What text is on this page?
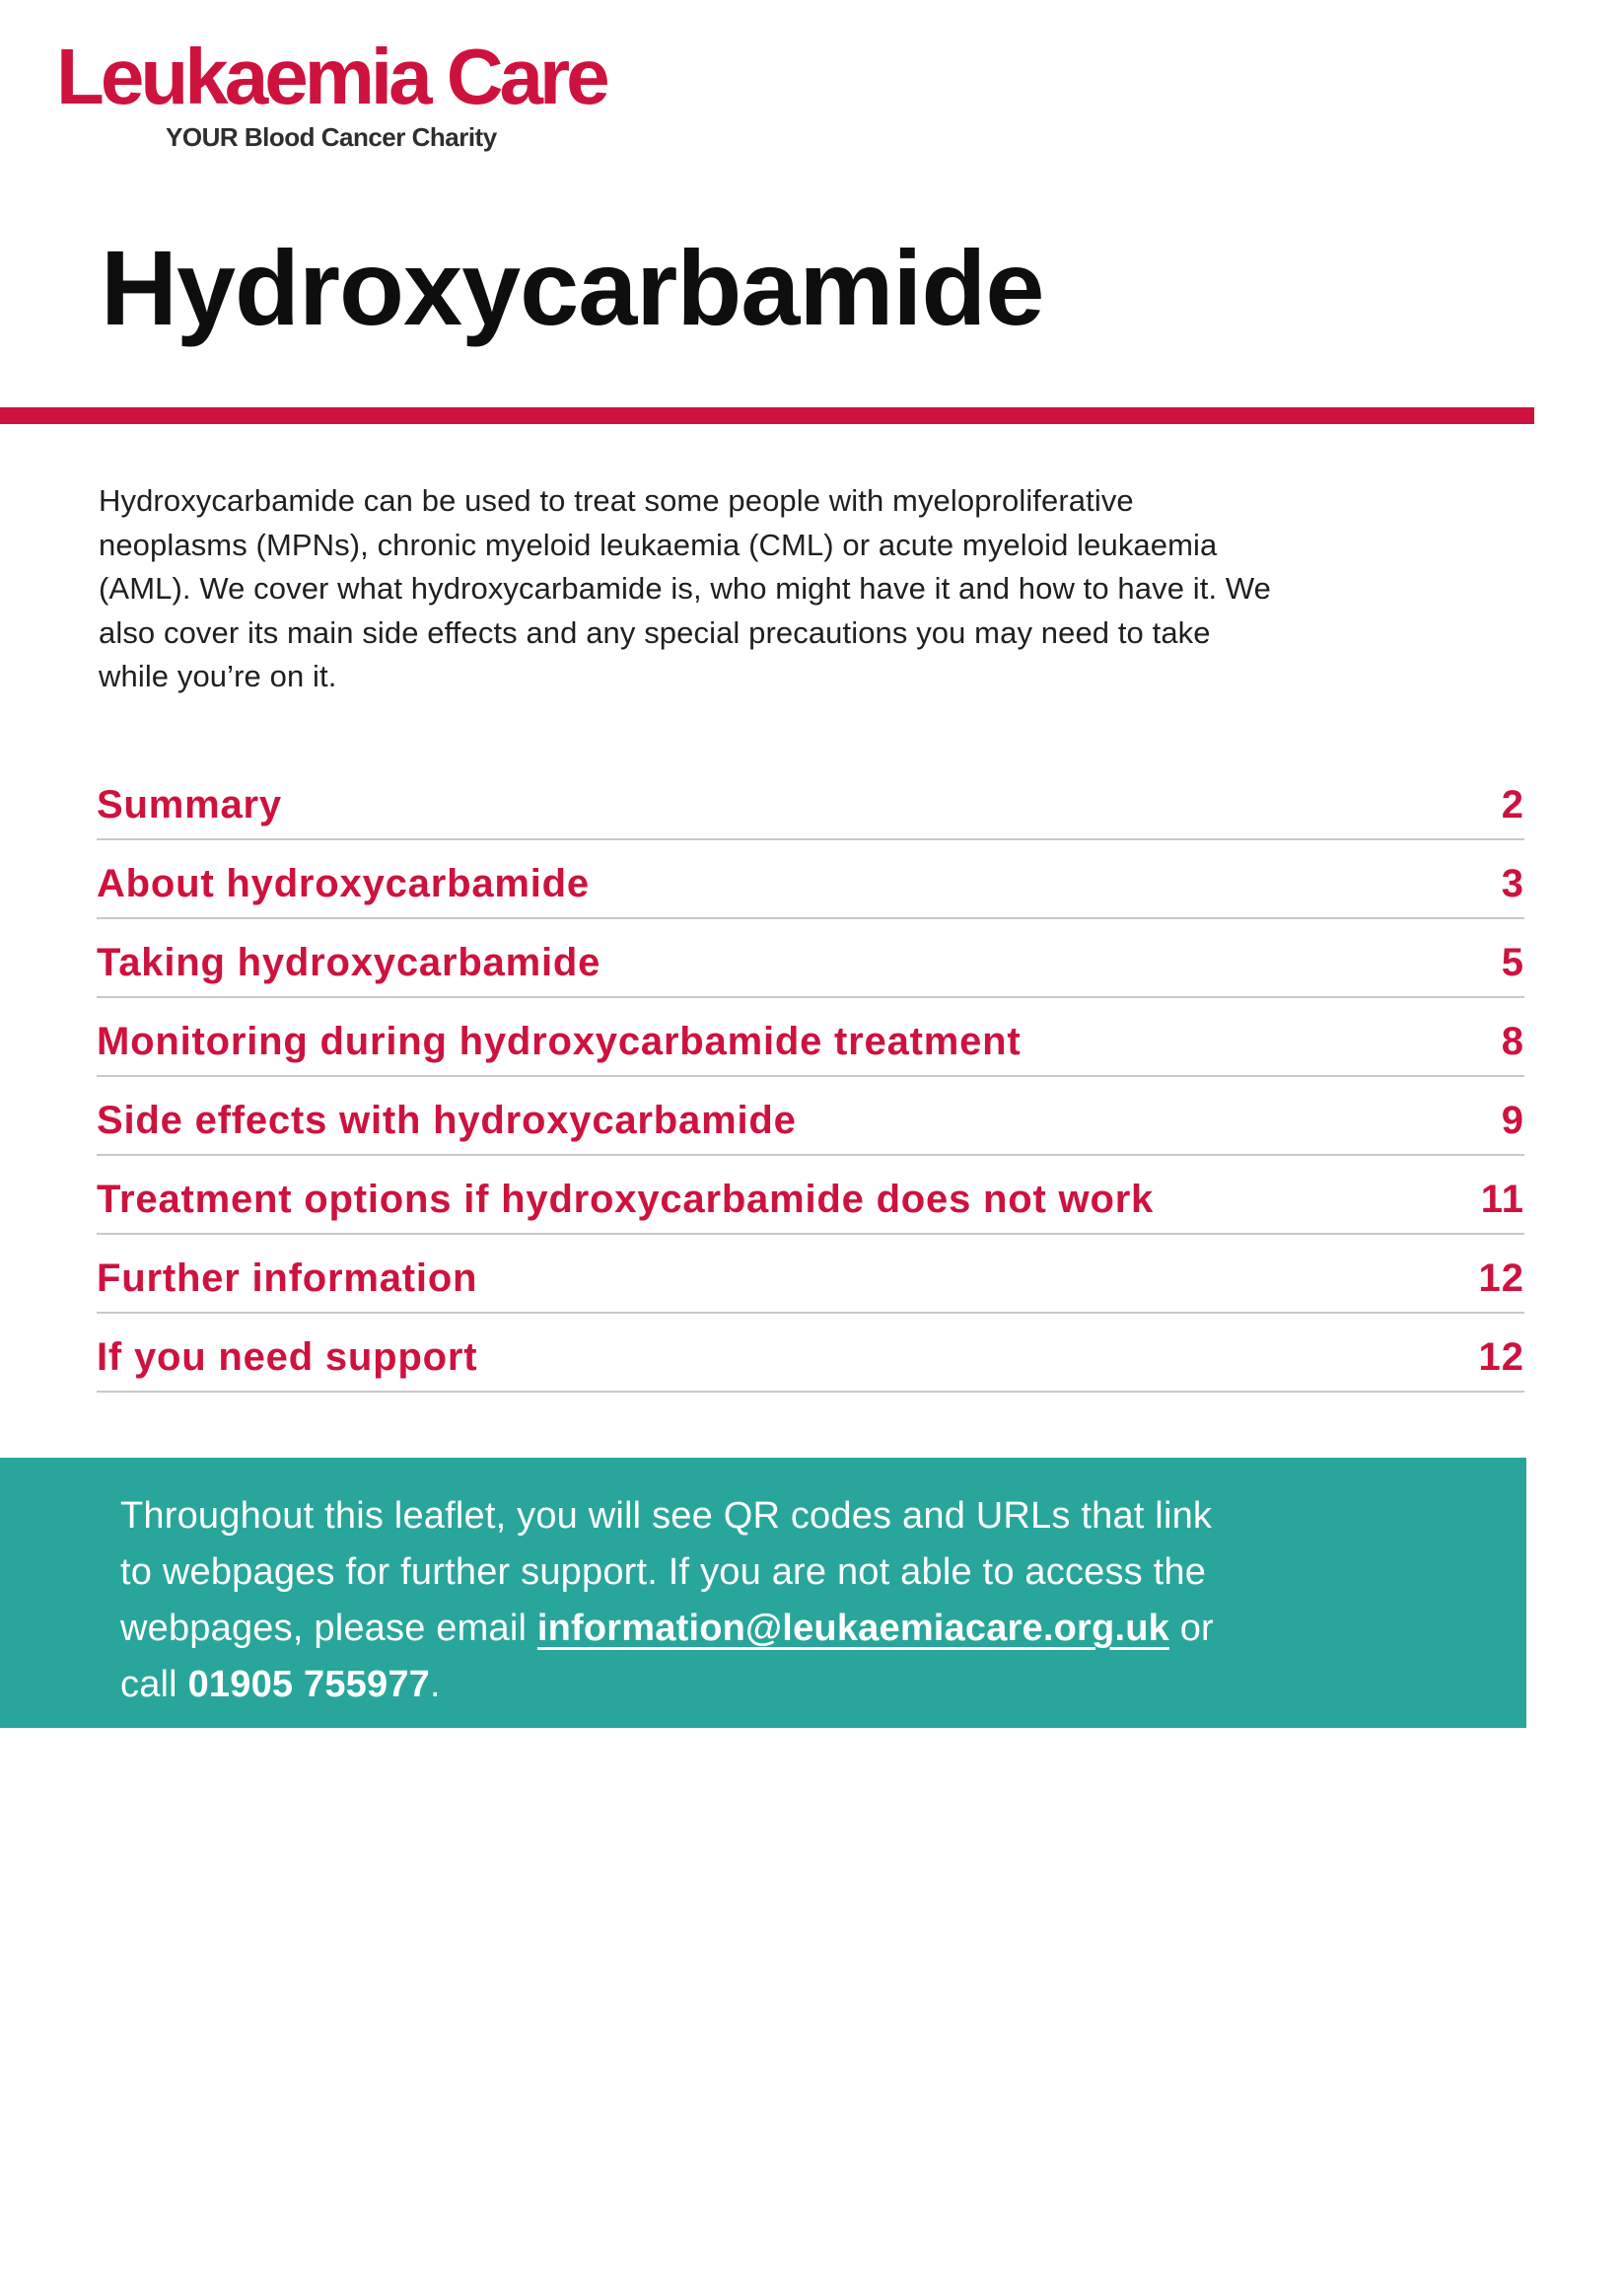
Leukaemia Care
YOUR Blood Cancer Charity
Hydroxycarbamide

Hydroxycarbamide can be used to treat some people with myeloproliferative neoplasms (MPNs), chronic myeloid leukaemia (CML) or acute myeloid leukaemia (AML). We cover what hydroxycarbamide is, who might have it and how to have it. We also cover its main side effects and any special precautions you may need to take while you’re on it.

Summary	2
About hydroxycarbamide	3
Taking hydroxycarbamide	5
Monitoring during hydroxycarbamide treatment	8
Side effects with hydroxycarbamide	9
Treatment options if hydroxycarbamide does not work	11
Further information	12
If you need support	12
Throughout this leaflet, you will see QR codes and URLs that link
to webpages for further support. If you are not able to access the
webpages, please email information@leukaemiacare.org.uk or
call 01905 755977.
